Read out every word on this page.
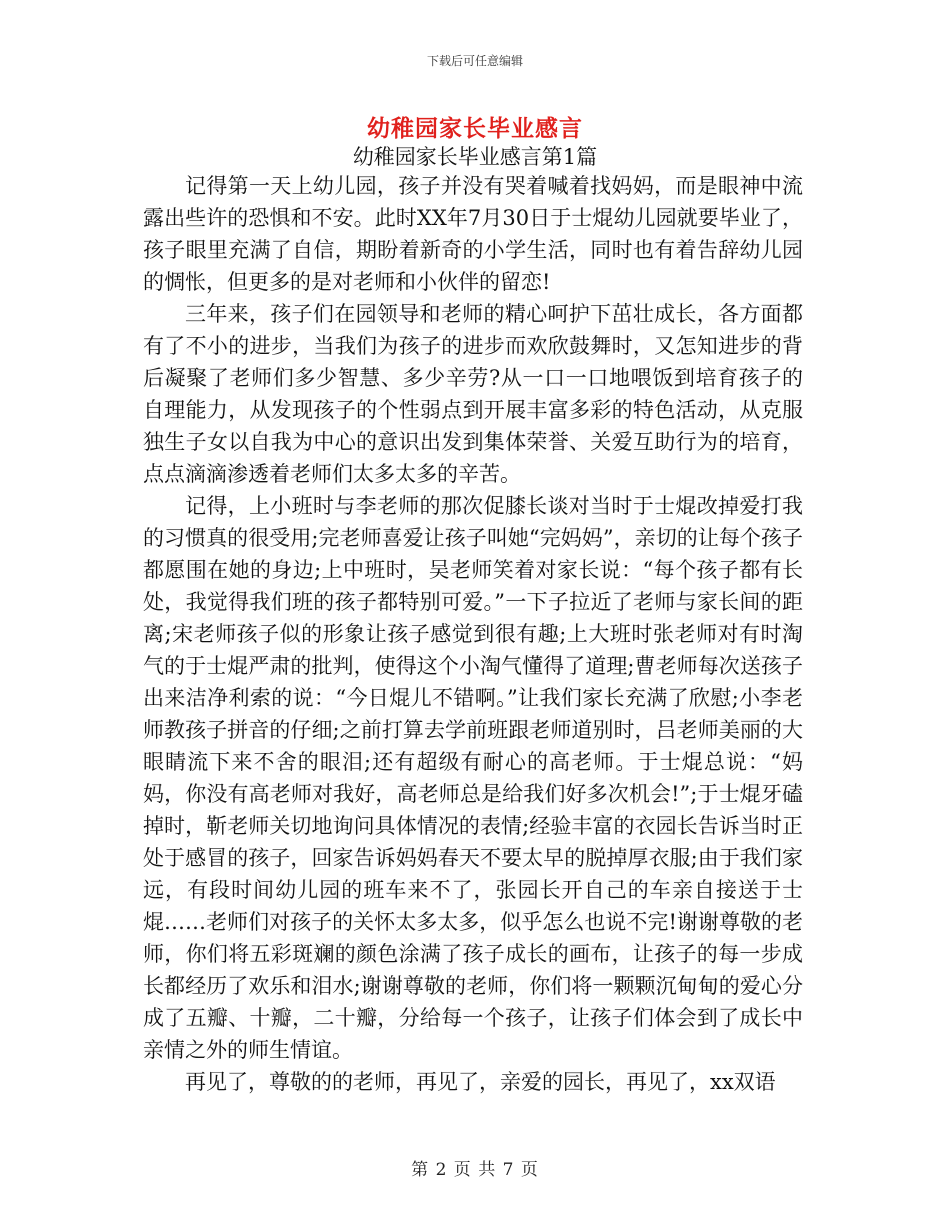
下载后可任意编辑
幼稚园家长毕业感言
幼稚园家长毕业感言第1篇

记得第一天上幼儿园，孩子并没有哭着喊着找妈妈，而是眼神中流露出些许的恐惧和不安。此时XX年7月30日于士焜幼儿园就要毕业了，孩子眼里充满了自信，期盼着新奇的小学生活，同时也有着告辞幼儿园的惆怅，但更多的是对老师和小伙伴的留恋!

三年来，孩子们在园领导和老师的精心呵护下茁壮成长，各方面都有了不小的进步，当我们为孩子的进步而欢欣鼓舞时，又怎知进步的背后凝聚了老师们多少智慧、多少辛劳?从一口一口地喂饭到培育孩子的自理能力，从发现孩子的个性弱点到开展丰富多彩的特色活动，从克服独生子女以自我为中心的意识出发到集体荣誉、关爱互助行为的培育，点点滴滴渗透着老师们太多太多的辛苦。

记得，上小班时与李老师的那次促膝长谈对当时于士焜改掉爱打我的习惯真的很受用;完老师喜爱让孩子叫她“完妈妈”，亲切的让每个孩子都愿围在她的身边;上中班时，吴老师笑着对家长说：“每个孩子都有长处，我觉得我们班的孩子都特别可爱。”一下子拉近了老师与家长间的距离;宋老师孩子似的形象让孩子感觉到很有趣;上大班时张老师对有时淘气的于士焜严肃的批判，使得这个小淘气懂得了道理;曹老师每次送孩子出来洁净利索的说：“今日焜儿不错啊。”让我们家长充满了欣慰;小李老师教孩子拼音的仔细;之前打算去学前班跟老师道别时，吕老师美丽的大眼睛流下来不舍的眼泪;还有超级有耐心的高老师。于士焜总说：“妈妈，你没有高老师对我好，高老师总是给我们好多次机会!”;于士焜牙磕掉时，靳老师关切地询问具体情况的表情;经验丰富的衣园长告诉当时正处于感冒的孩子，回家告诉妈妈春天不要太早的脱掉厚衣服;由于我们家远，有段时间幼儿园的班车来不了，张园长开自己的车亲自接送于士焜……老师们对孩子的关怀太多太多，似乎怎么也说不完!谢谢尊敬的老师，你们将五彩斑斓的颜色涂满了孩子成长的画布，让孩子的每一步成长都经历了欢乐和泪水;谢谢尊敬的老师，你们将一颗颗沉甸甸的爱心分成了五瓣、十瓣，二十瓣，分给每一个孩子，让孩子们体会到了成长中亲情之外的师生情谊。

再见了，尊敬的的老师，再见了，亲爱的园长，再见了，xx双语

第 2 页 共 7 页
